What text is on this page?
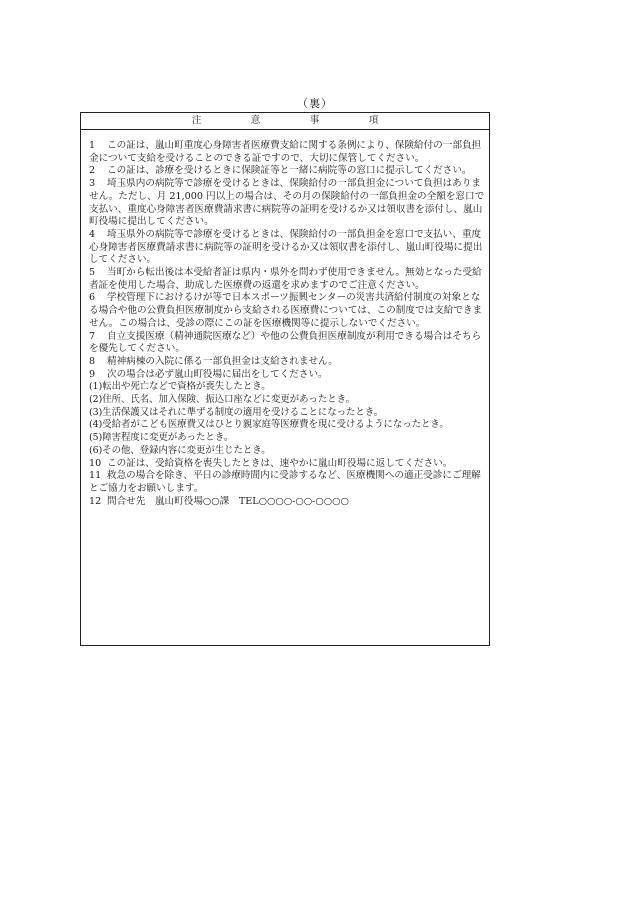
（裏）
注　意　事　項
1 この証は、嵐山町重度心身障害者医療費支給に関する条例により、保険給付の一部負担金について支給を受けることのできる証ですので、大切に保管してください。
2 この証は、診療を受けるときに保険証等と一緒に病院等の窓口に提示してください。
3 埼玉県内の病院等で診療を受けるときは、保険給付の一部負担金について負担はありません。ただし、月 21,000 円以上の場合は、その月の保険給付の一部負担金の全額を窓口で支払い、重度心身障害者医療費請求書に病院等の証明を受けるか又は領収書を添付し、嵐山町役場に提出してください。
4 埼玉県外の病院等で診療を受けるときは、保険給付の一部負担金を窓口で支払い、重度心身障害者医療費請求書に病院等の証明を受けるか又は領収書を添付し、嵐山町役場に提出してください。
5 当町から転出後は本受給者証は県内・県外を問わず使用できません。無効となった受給者証を使用した場合、助成した医療費の返還を求めますのでご注意ください。
6 学校管理下におけるけが等で日本スポーツ振興センターの災害共済給付制度の対象となる場合や他の公費負担医療制度から支給される医療費については、この制度では支給できません。この場合は、受診の際にこの証を医療機関等に提示しないでください。
7 自立支援医療（精神通院医療など）や他の公費負担医療制度が利用できる場合はそちらを優先してください。
8 精神病棟の入院に係る一部負担金は支給されません。
9 次の場合は必ず嵐山町役場に届出をしてください。
(1)転出や死亡などで資格が喪失したとき。
(2)住所、氏名、加入保険、振込口座などに変更があったとき。
(3)生活保護又はそれに準ずる制度の適用を受けることになったとき。
(4)受給者がこども医療費又はひとり親家庭等医療費を現に受けるようになったとき。
(5)障害程度に変更があったとき。
(6)その他、登録内容に変更が生じたとき。
10 この証は、受給資格を喪失したときは、速やかに嵐山町役場に返してください。
11 救急の場合を除き、平日の診療時間内に受診するなど、医療機関への適正受診にご理解とご協力をお願いします。
12 問合せ先　嵐山町役場○○課　TEL○○○○-○○-○○○○
